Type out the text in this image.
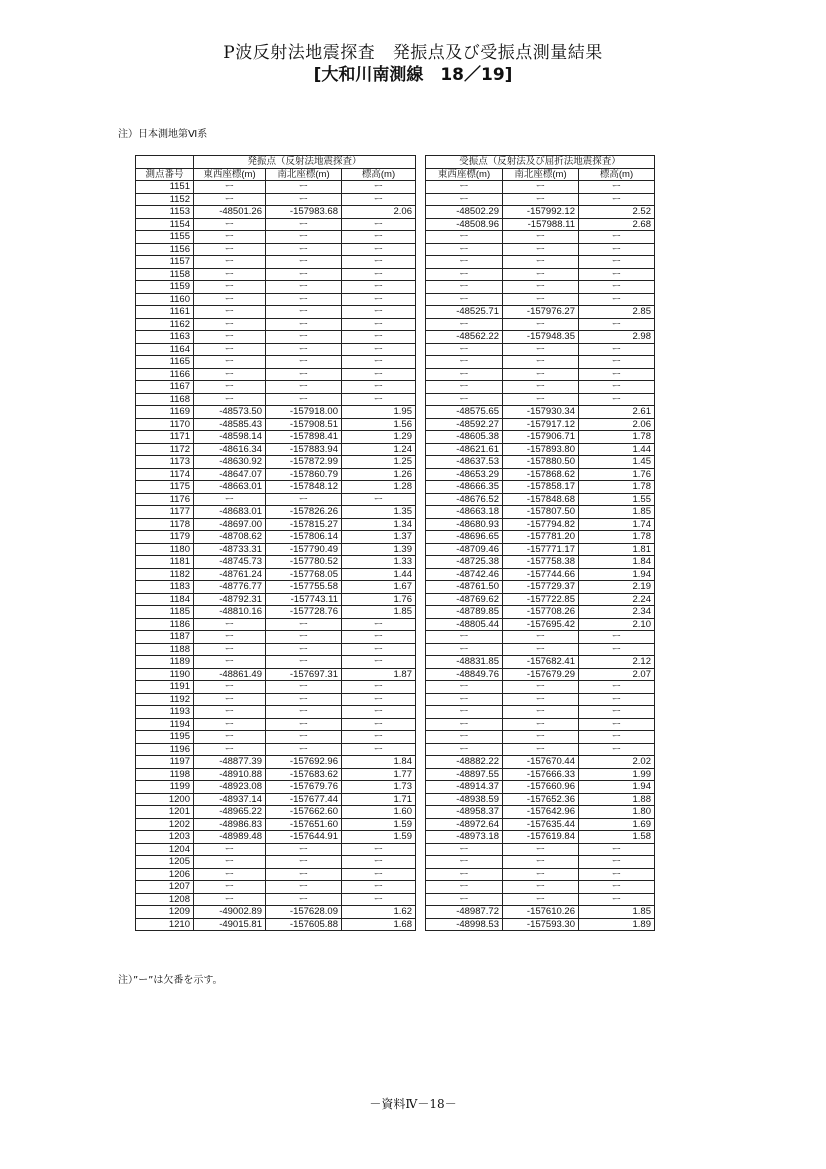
P波反射法地震探査　発振点及び受振点測量結果
[大和川南測線　18／19]
注）日本測地第Ⅵ系
	発振点（反射法地震探査）				受振点（反射法及び屈折法地震探査）		
測点番号	東西座標(m)	南北座標(m)	標高(m)		東西座標(m)	南北座標(m)	標高(m)
1151	ー	ー	ー		ー	ー	ー
1152	ー	ー	ー		ー	ー	ー
1153	-48501.26	-157983.68	2.06		-48502.29	-157992.12	2.52
1154	ー	ー	ー		-48508.96	-157988.11	2.68
1155	ー	ー	ー		ー	ー	ー
1156	ー	ー	ー		ー	ー	ー
1157	ー	ー	ー		ー	ー	ー
1158	ー	ー	ー		ー	ー	ー
1159	ー	ー	ー		ー	ー	ー
1160	ー	ー	ー		ー	ー	ー
1161	ー	ー	ー		-48525.71	-157976.27	2.85
1162	ー	ー	ー		ー	ー	ー
1163	ー	ー	ー		-48562.22	-157948.35	2.98
1164	ー	ー	ー		ー	ー	ー
1165	ー	ー	ー		ー	ー	ー
1166	ー	ー	ー		ー	ー	ー
1167	ー	ー	ー		ー	ー	ー
1168	ー	ー	ー		ー	ー	ー
1169	-48573.50	-157918.00	1.95		-48575.65	-157930.34	2.61
1170	-48585.43	-157908.51	1.56		-48592.27	-157917.12	2.06
1171	-48598.14	-157898.41	1.29		-48605.38	-157906.71	1.78
1172	-48616.34	-157883.94	1.24		-48621.61	-157893.80	1.44
1173	-48630.92	-157872.99	1.25		-48637.53	-157880.50	1.45
1174	-48647.07	-157860.79	1.26		-48653.29	-157868.62	1.76
1175	-48663.01	-157848.12	1.28		-48666.35	-157858.17	1.78
1176	ー	ー	ー		-48676.52	-157848.68	1.55
1177	-48683.01	-157826.26	1.35		-48663.18	-157807.50	1.85
1178	-48697.00	-157815.27	1.34		-48680.93	-157794.82	1.74
1179	-48708.62	-157806.14	1.37		-48696.65	-157781.20	1.78
1180	-48733.31	-157790.49	1.39		-48709.46	-157771.17	1.81
1181	-48745.73	-157780.52	1.33		-48725.38	-157758.38	1.84
1182	-48761.24	-157768.05	1.44		-48742.46	-157744.66	1.94
1183	-48776.77	-157755.58	1.67		-48761.50	-157729.37	2.19
1184	-48792.31	-157743.11	1.76		-48769.62	-157722.85	2.24
1185	-48810.16	-157728.76	1.85		-48789.85	-157708.26	2.34
1186	ー	ー	ー		-48805.44	-157695.42	2.10
1187	ー	ー	ー		ー	ー	ー
1188	ー	ー	ー		ー	ー	ー
1189	ー	ー	ー		-48831.85	-157682.41	2.12
1190	-48861.49	-157697.31	1.87		-48849.76	-157679.29	2.07
1191	ー	ー	ー		ー	ー	ー
1192	ー	ー	ー		ー	ー	ー
1193	ー	ー	ー		ー	ー	ー
1194	ー	ー	ー		ー	ー	ー
1195	ー	ー	ー		ー	ー	ー
1196	ー	ー	ー		ー	ー	ー
1197	-48877.39	-157692.96	1.84		-48882.22	-157670.44	2.02
1198	-48910.88	-157683.62	1.77		-48897.55	-157666.33	1.99
1199	-48923.08	-157679.76	1.73		-48914.37	-157660.96	1.94
1200	-48937.14	-157677.44	1.71		-48938.59	-157652.36	1.88
1201	-48965.22	-157662.60	1.60		-48958.37	-157642.96	1.80
1202	-48986.83	-157651.60	1.59		-48972.64	-157635.44	1.69
1203	-48989.48	-157644.91	1.59		-48973.18	-157619.84	1.58
1204	ー	ー	ー		ー	ー	ー
1205	ー	ー	ー		ー	ー	ー
1206	ー	ー	ー		ー	ー	ー
1207	ー	ー	ー		ー	ー	ー
1208	ー	ー	ー		ー	ー	ー
1209	-49002.89	-157628.09	1.62		-48987.72	-157610.26	1.85
1210	-49015.81	-157605.88	1.68		-48998.53	-157593.30	1.89
注）”ー”は欠番を示す。
－資料Ⅳ－18－
